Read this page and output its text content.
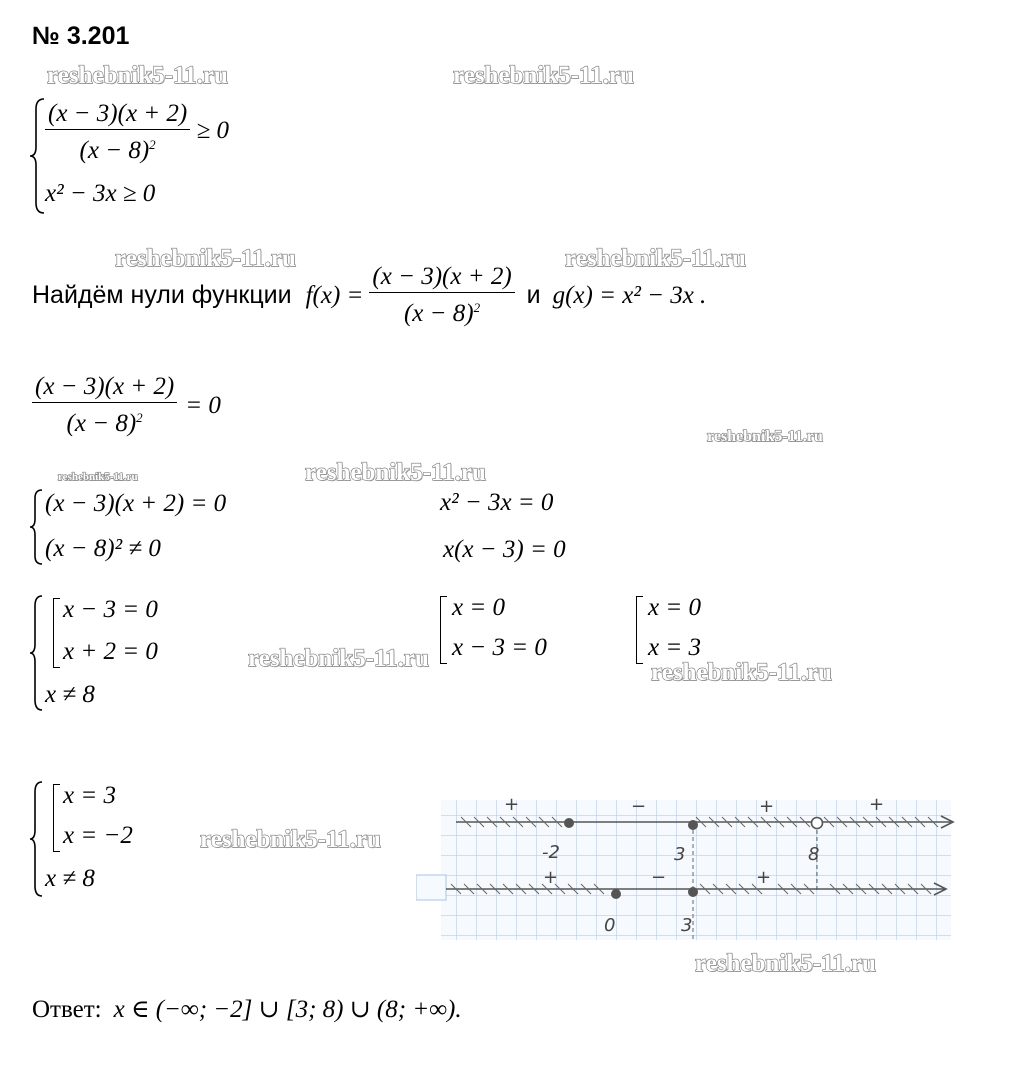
№ 3.201
reshebnik5-11.ru	reshebnik5-11.ru
reshebnik5-11.ru	reshebnik5-11.ru
reshebnik5-11.ru
reshebnik5-11.ru	reshebnik5-11.ru
reshebnik5-11.ru
reshebnik5-11.ru
reshebnik5-11.ru
reshebnik5-11.ru
$\frac{(x - 3)(x + 2)}{(x - 8)^2} \ge 0$
x² − 3x ≥ 0
Найдём нули функции $f(x) = \frac{(x - 3)(x + 2)}{(x - 8)^2}$ и g(x) = x² − 3x .
$\frac{(x - 3)(x + 2)}{(x - 8)^2} = 0$
(x − 3)(x + 2) = 0
(x − 8)² ≠ 0
x² − 3x = 0
x(x − 3) = 0
x − 3 = 0
x + 2 = 0
x ≠ 8
x = 0
x − 3 = 0
x = 0
x = 3
x = 3
x = −2
x ≠ 8
+	−	+	+
-2	3	8
+	−	+
0	3
Ответ: x ∈ (−∞; −2] ∪ [3; 8) ∪ (8; +∞).
